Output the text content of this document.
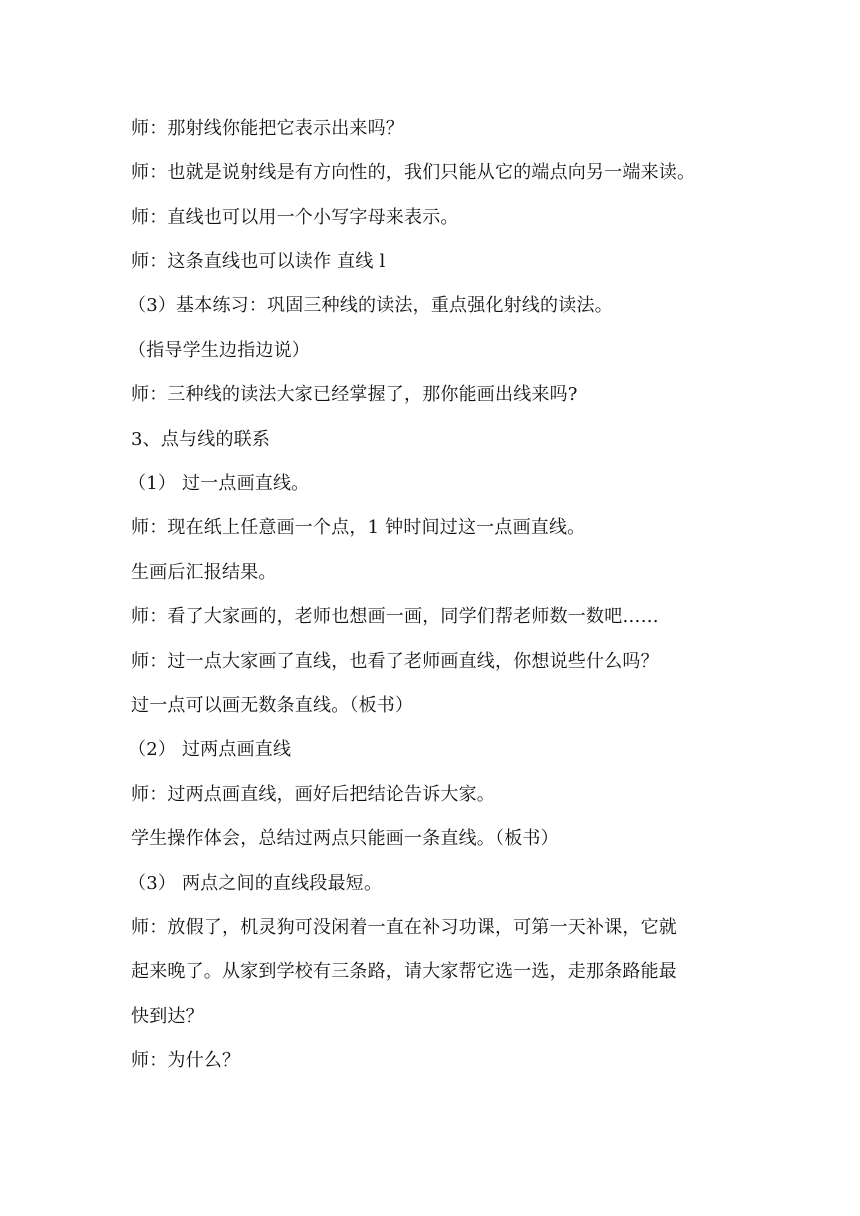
师：那射线你能把它表示出来吗？
师：也就是说射线是有方向性的，我们只能从它的端点向另一端来读。
师：直线也可以用一个小写字母来表示。
师：这条直线也可以读作 直线 l
（3）基本练习：巩固三种线的读法，重点强化射线的读法。
（指导学生边指边说）
师：三种线的读法大家已经掌握了，那你能画出线来吗?
3、点与线的联系
（1） 过一点画直线。
师：现在纸上任意画一个点，1 钟时间过这一点画直线。
生画后汇报结果。
师：看了大家画的，老师也想画一画，同学们帮老师数一数吧……
师：过一点大家画了直线，也看了老师画直线，你想说些什么吗？
过一点可以画无数条直线。（板书）
（2） 过两点画直线
师：过两点画直线，画好后把结论告诉大家。
学生操作体会，总结过两点只能画一条直线。（板书）
（3） 两点之间的直线段最短。
师：放假了，机灵狗可没闲着一直在补习功课，可第一天补课，它就
起来晚了。从家到学校有三条路，请大家帮它选一选，走那条路能最
快到达？
师：为什么？
